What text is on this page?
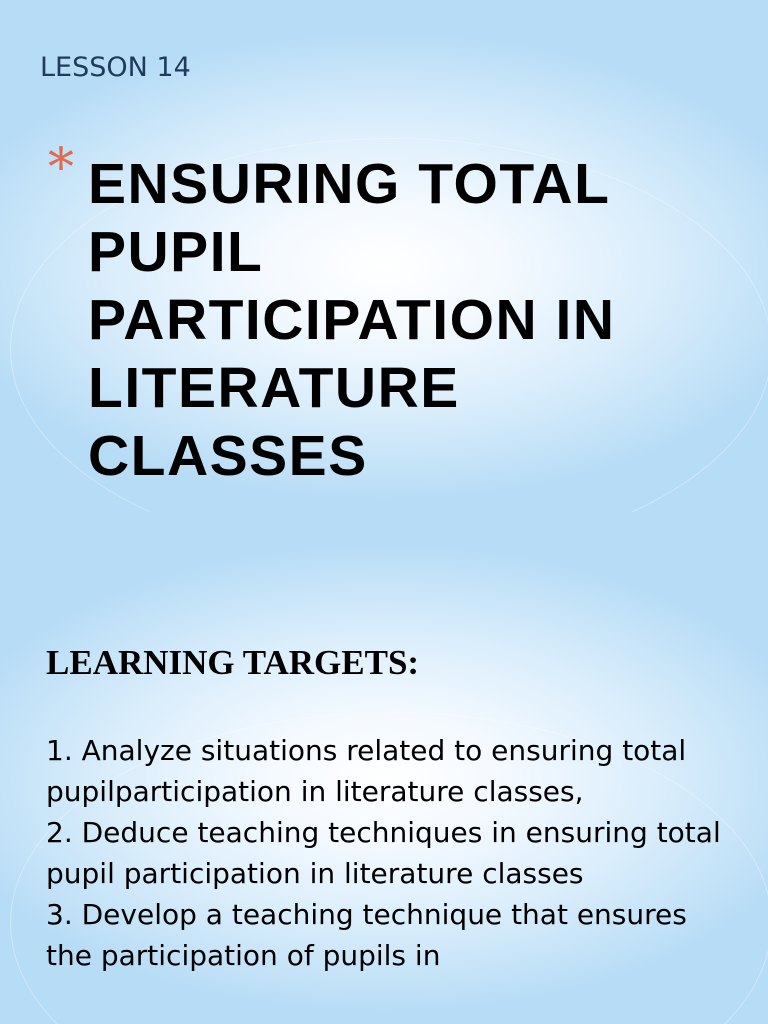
LESSON 14

* ENSURING TOTAL PUPIL PARTICIPATION IN LITERATURE CLASSES
LEARNING TARGETS:
1. Analyze situations related to ensuring total pupilparticipation in literature classes,
2. Deduce teaching techniques in ensuring total pupil participation in literature classes
3. Develop a teaching technique that ensures the participation of pupils in
